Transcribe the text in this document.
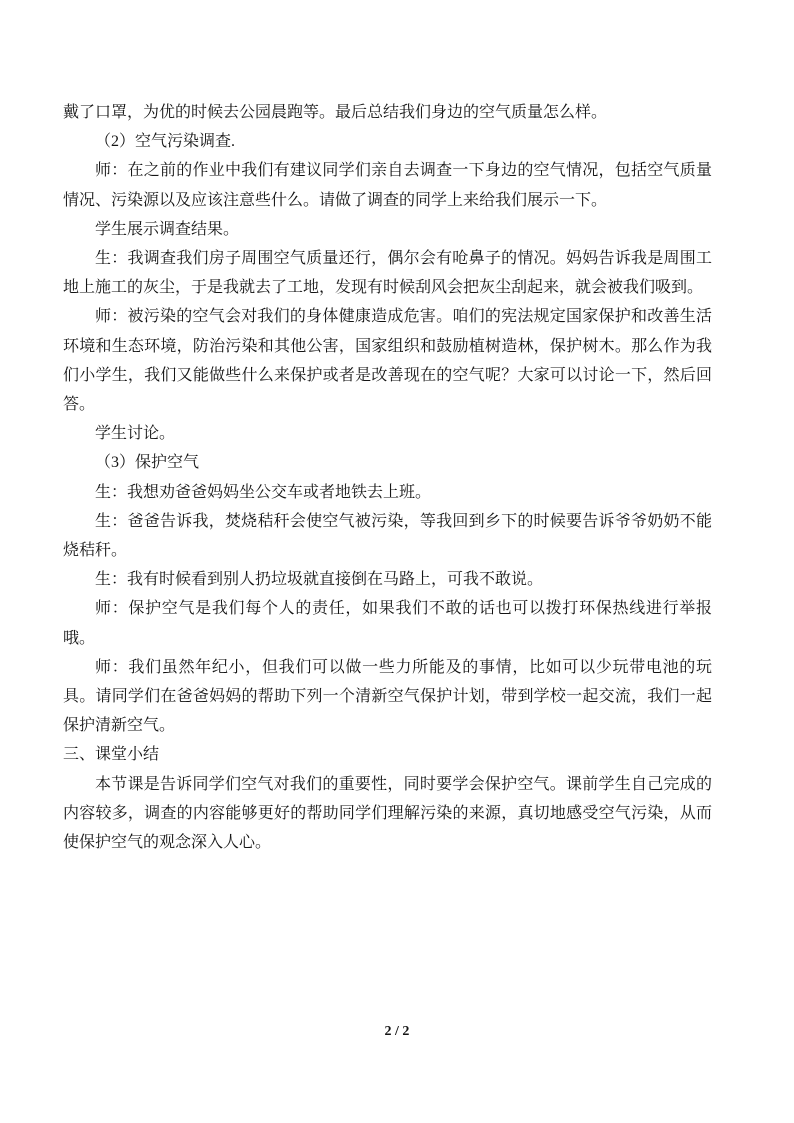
戴了口罩，为优的时候去公园晨跑等。最后总结我们身边的空气质量怎么样。

（2）空气污染调查.

师：在之前的作业中我们有建议同学们亲自去调查一下身边的空气情况，包括空气质量情况、污染源以及应该注意些什么。请做了调查的同学上来给我们展示一下。

学生展示调查结果。

生：我调查我们房子周围空气质量还行，偶尔会有呛鼻子的情况。妈妈告诉我是周围工地上施工的灰尘，于是我就去了工地，发现有时候刮风会把灰尘刮起来，就会被我们吸到。

师：被污染的空气会对我们的身体健康造成危害。咱们的宪法规定国家保护和改善生活环境和生态环境，防治污染和其他公害，国家组织和鼓励植树造林，保护树木。那么作为我们小学生，我们又能做些什么来保护或者是改善现在的空气呢？大家可以讨论一下，然后回答。

学生讨论。

（3）保护空气

生：我想劝爸爸妈妈坐公交车或者地铁去上班。

生：爸爸告诉我，焚烧秸秆会使空气被污染，等我回到乡下的时候要告诉爷爷奶奶不能烧秸秆。

生：我有时候看到别人扔垃圾就直接倒在马路上，可我不敢说。

师：保护空气是我们每个人的责任，如果我们不敢的话也可以拨打环保热线进行举报哦。

师：我们虽然年纪小，但我们可以做一些力所能及的事情，比如可以少玩带电池的玩具。请同学们在爸爸妈妈的帮助下列一个清新空气保护计划，带到学校一起交流，我们一起保护清新空气。

三、课堂小结

本节课是告诉同学们空气对我们的重要性，同时要学会保护空气。课前学生自己完成的内容较多，调查的内容能够更好的帮助同学们理解污染的来源，真切地感受空气污染，从而使保护空气的观念深入人心。

2 / 2
